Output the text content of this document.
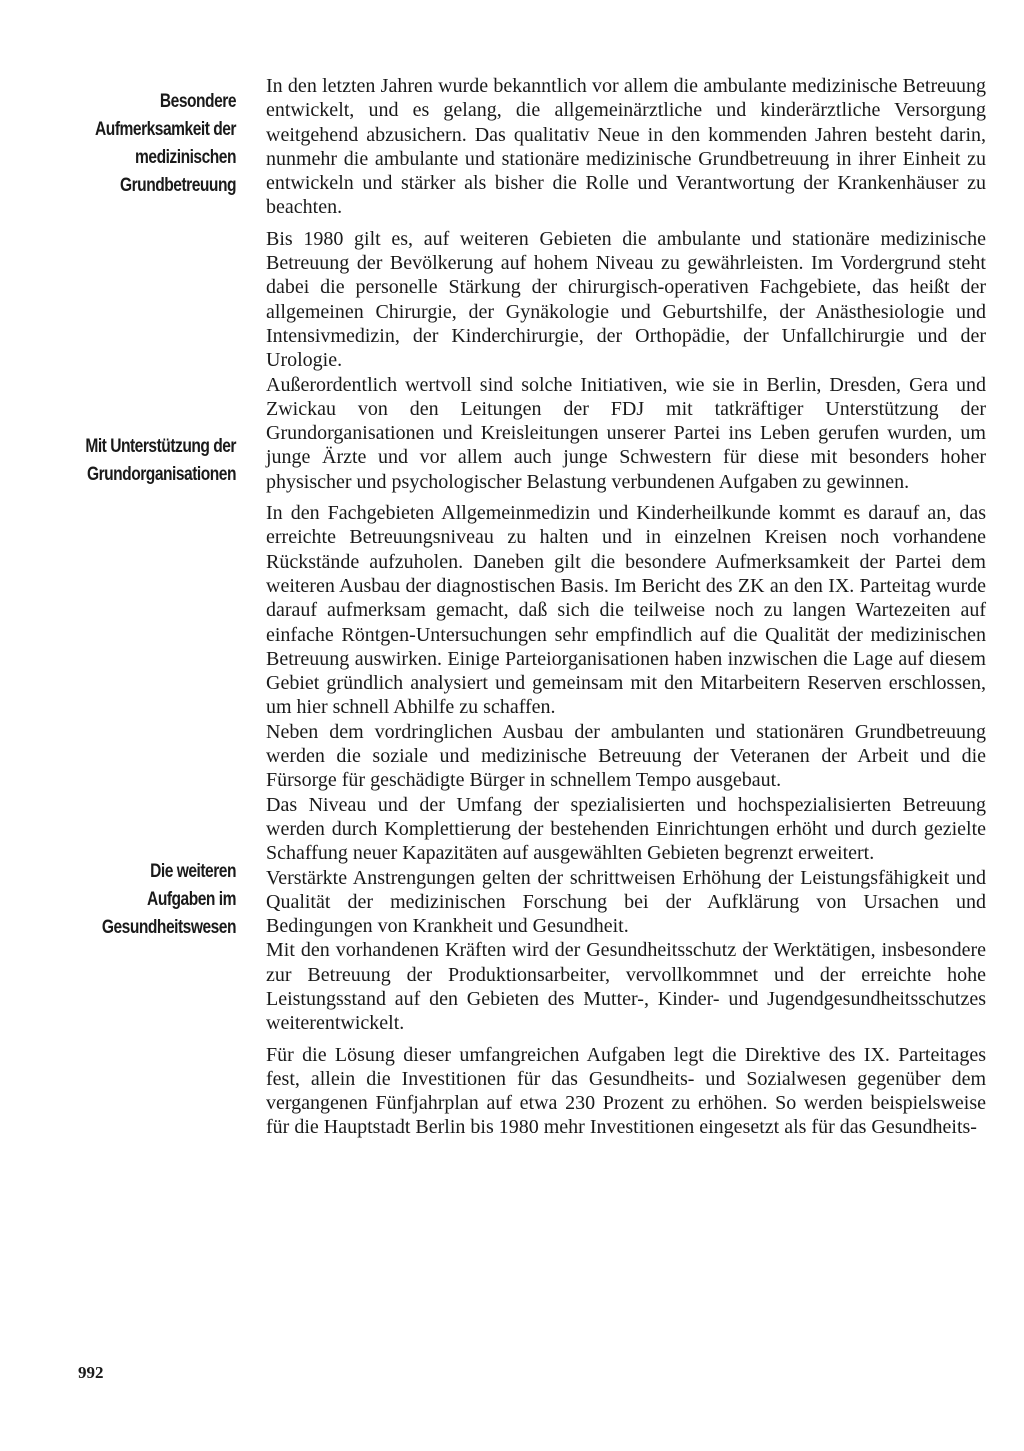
Besondere
Aufmerksamkeit der
medizinischen
Grundbetreuung
Mit Unterstützung der
Grundorganisationen
Die weiteren
Aufgaben im
Gesundheitswesen

In den letzten Jahren wurde bekanntlich vor allem die ambulante medizinische Betreuung entwickelt, und es gelang, die allgemeinärztliche und kinderärztliche Versorgung weitgehend abzusichern. Das qualitativ Neue in den kommenden Jahren besteht darin, nunmehr die ambulante und stationäre medizinische Grundbetreuung in ihrer Einheit zu entwickeln und stärker als bisher die Rolle und Verantwortung der Krankenhäuser zu beachten.

Bis 1980 gilt es, auf weiteren Gebieten die ambulante und stationäre medizinische Betreuung der Bevölkerung auf hohem Niveau zu gewährleisten. Im Vordergrund steht dabei die personelle Stärkung der chirurgisch-operativen Fachgebiete, das heißt der allgemeinen Chirurgie, der Gynäkologie und Geburtshilfe, der Anästhesiologie und Intensivmedizin, der Kinderchirurgie, der Orthopädie, der Unfallchirurgie und der Urologie.

Außerordentlich wertvoll sind solche Initiativen, wie sie in Berlin, Dresden, Gera und Zwickau von den Leitungen der FDJ mit tatkräftiger Unterstützung der Grundorganisationen und Kreisleitungen unserer Partei ins Leben gerufen wurden, um junge Ärzte und vor allem auch junge Schwestern für diese mit besonders hoher physischer und psychologischer Belastung verbundenen Aufgaben zu gewinnen.

In den Fachgebieten Allgemeinmedizin und Kinderheilkunde kommt es darauf an, das erreichte Betreuungsniveau zu halten und in einzelnen Kreisen noch vorhandene Rückstände aufzuholen. Daneben gilt die besondere Aufmerksamkeit der Partei dem weiteren Ausbau der diagnostischen Basis. Im Bericht des ZK an den IX. Parteitag wurde darauf aufmerksam gemacht, daß sich die teilweise noch zu langen Wartezeiten auf einfache Röntgen-Untersuchungen sehr empfindlich auf die Qualität der medizinischen Betreuung auswirken. Einige Parteiorganisationen haben inzwischen die Lage auf diesem Gebiet gründlich analysiert und gemeinsam mit den Mitarbeitern Reserven erschlossen, um hier schnell Abhilfe zu schaffen.

Neben dem vordringlichen Ausbau der ambulanten und stationären Grundbetreuung werden die soziale und medizinische Betreuung der Veteranen der Arbeit und die Fürsorge für geschädigte Bürger in schnellem Tempo ausgebaut.

Das Niveau und der Umfang der spezialisierten und hochspezialisierten Betreuung werden durch Komplettierung der bestehenden Einrichtungen erhöht und durch gezielte Schaffung neuer Kapazitäten auf ausgewählten Gebieten begrenzt erweitert.

Verstärkte Anstrengungen gelten der schrittweisen Erhöhung der Leistungsfähigkeit und Qualität der medizinischen Forschung bei der Aufklärung von Ursachen und Bedingungen von Krankheit und Gesundheit.

Mit den vorhandenen Kräften wird der Gesundheitsschutz der Werktätigen, insbesondere zur Betreuung der Produktionsarbeiter, vervollkommnet und der erreichte hohe Leistungsstand auf den Gebieten des Mutter-, Kinder- und Jugendgesundheitsschutzes weiterentwickelt.

Für die Lösung dieser umfangreichen Aufgaben legt die Direktive des IX. Parteitages fest, allein die Investitionen für das Gesundheits- und Sozialwesen gegenüber dem vergangenen Fünfjahrplan auf etwa 230 Prozent zu erhöhen. So werden beispielsweise für die Hauptstadt Berlin bis 1980 mehr Investitionen eingesetzt als für das Gesundheits-

992
